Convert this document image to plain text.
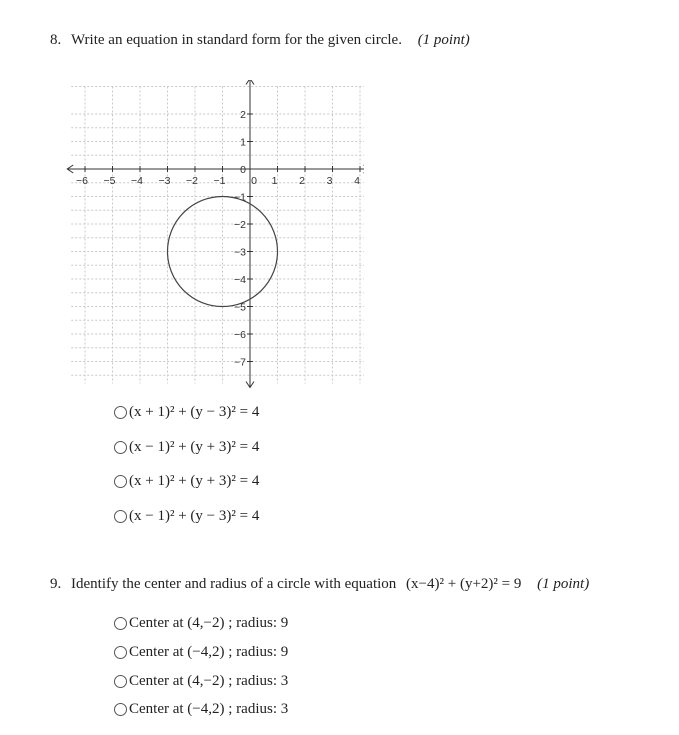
8. Write an equation in standard form for the given circle. (1 point)
−6 −5 −4 −3 −2 −1 0 1 2 3 4
2
1
0
−1
−2
−3
−4
−5
−6
−7
(x + 1)² + (y − 3)² = 4
(x − 1)² + (y + 3)² = 4
(x + 1)² + (y + 3)² = 4
(x − 1)² + (y − 3)² = 4
9. Identify the center and radius of a circle with equation (x−4)² + (y+2)² = 9 (1 point)
Center at (4,−2) ; radius: 9
Center at (−4,2) ; radius: 9
Center at (4,−2) ; radius: 3
Center at (−4,2) ; radius: 3
